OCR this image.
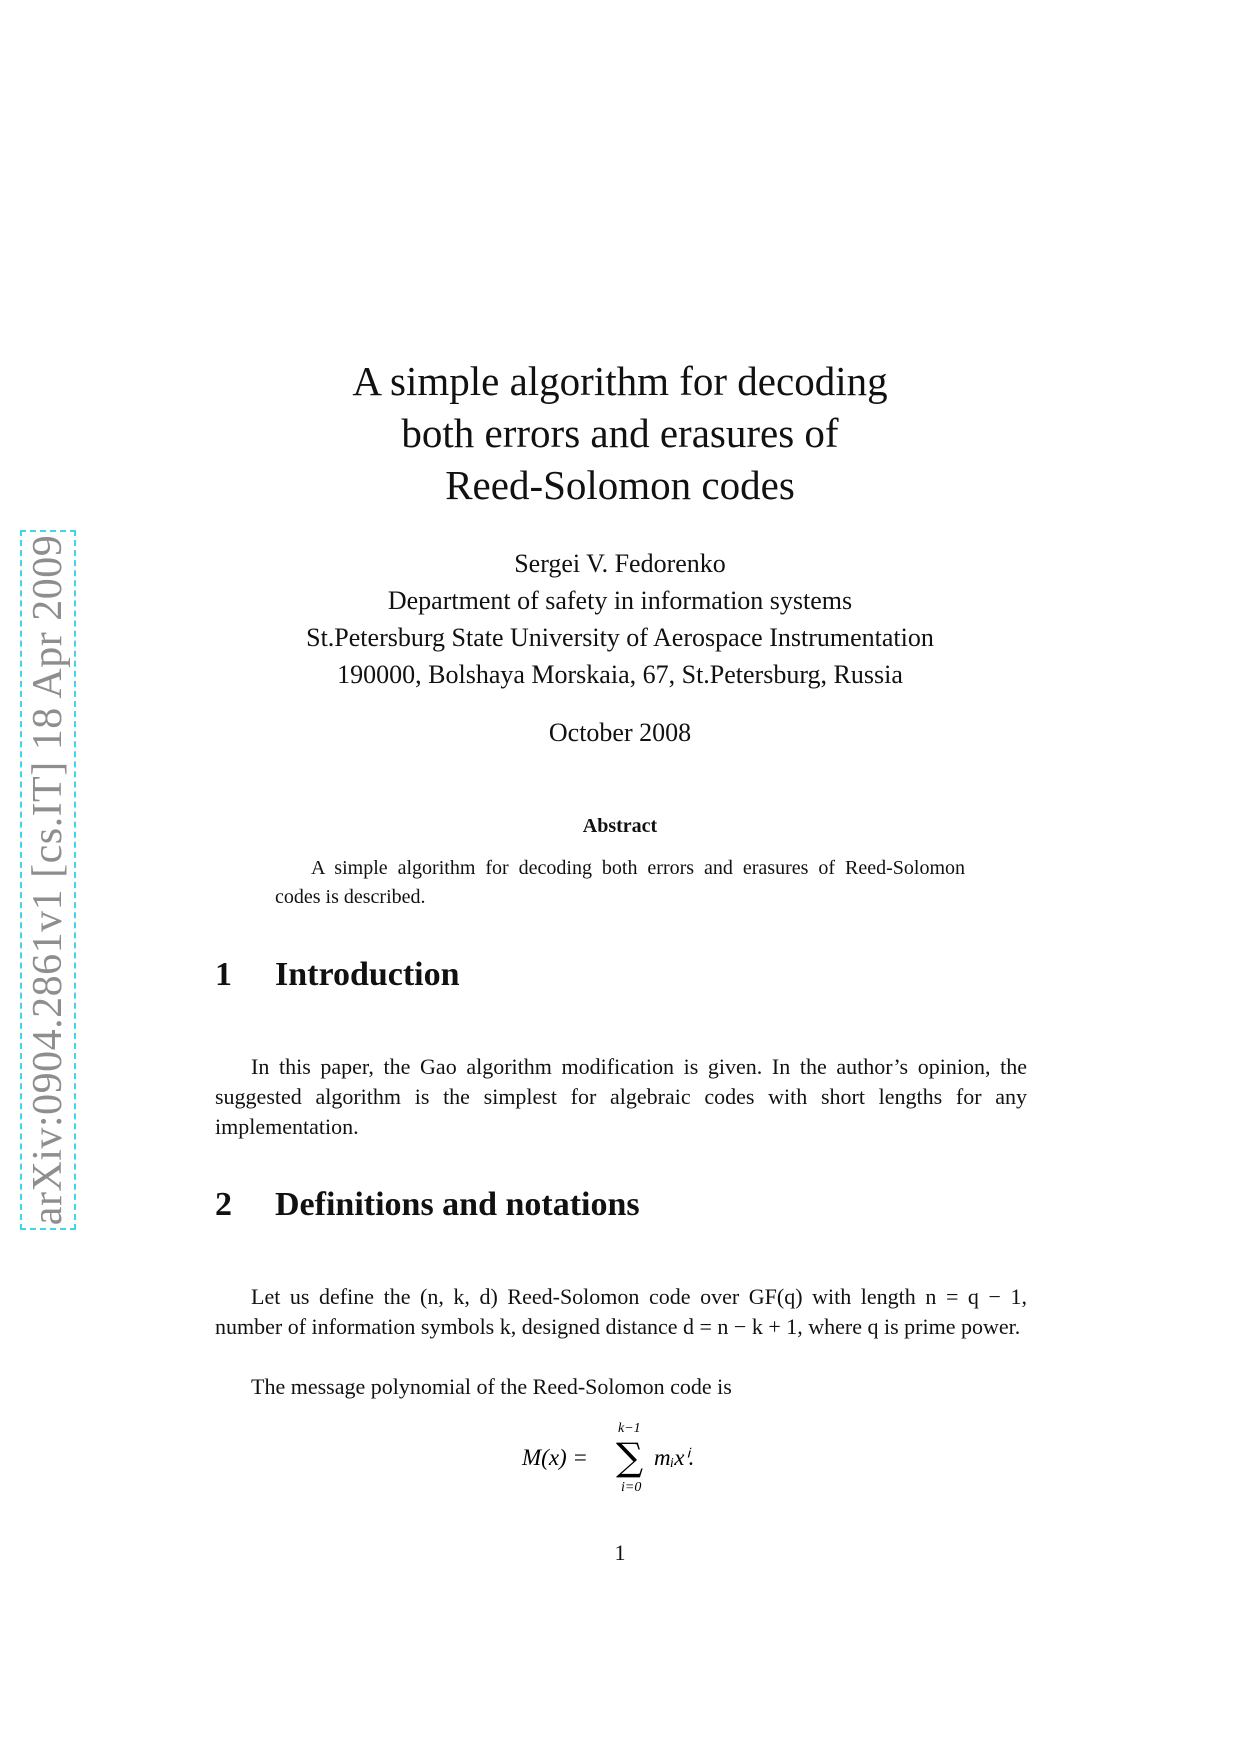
arXiv:0904.2861v1 [cs.IT] 18 Apr 2009
A simple algorithm for decoding
both errors and erasures of
Reed-Solomon codes
Sergei V. Fedorenko
Department of safety in information systems
St.Petersburg State University of Aerospace Instrumentation
190000, Bolshaya Morskaia, 67, St.Petersburg, Russia
October 2008
Abstract

A simple algorithm for decoding both errors and erasures of Reed-Solomon codes is described.

1 Introduction

In this paper, the Gao algorithm modification is given. In the author’s opinion, the suggested algorithm is the simplest for algebraic codes with short lengths for any implementation.

2 Definitions and notations

Let us define the (n, k, d) Reed-Solomon code over GF(q) with length n = q − 1, number of information symbols k, designed distance d = n − k + 1, where q is prime power.

The message polynomial of the Reed-Solomon code is

M(x) = ∑
k−1
i=0
mᵢxⁱ.
1
